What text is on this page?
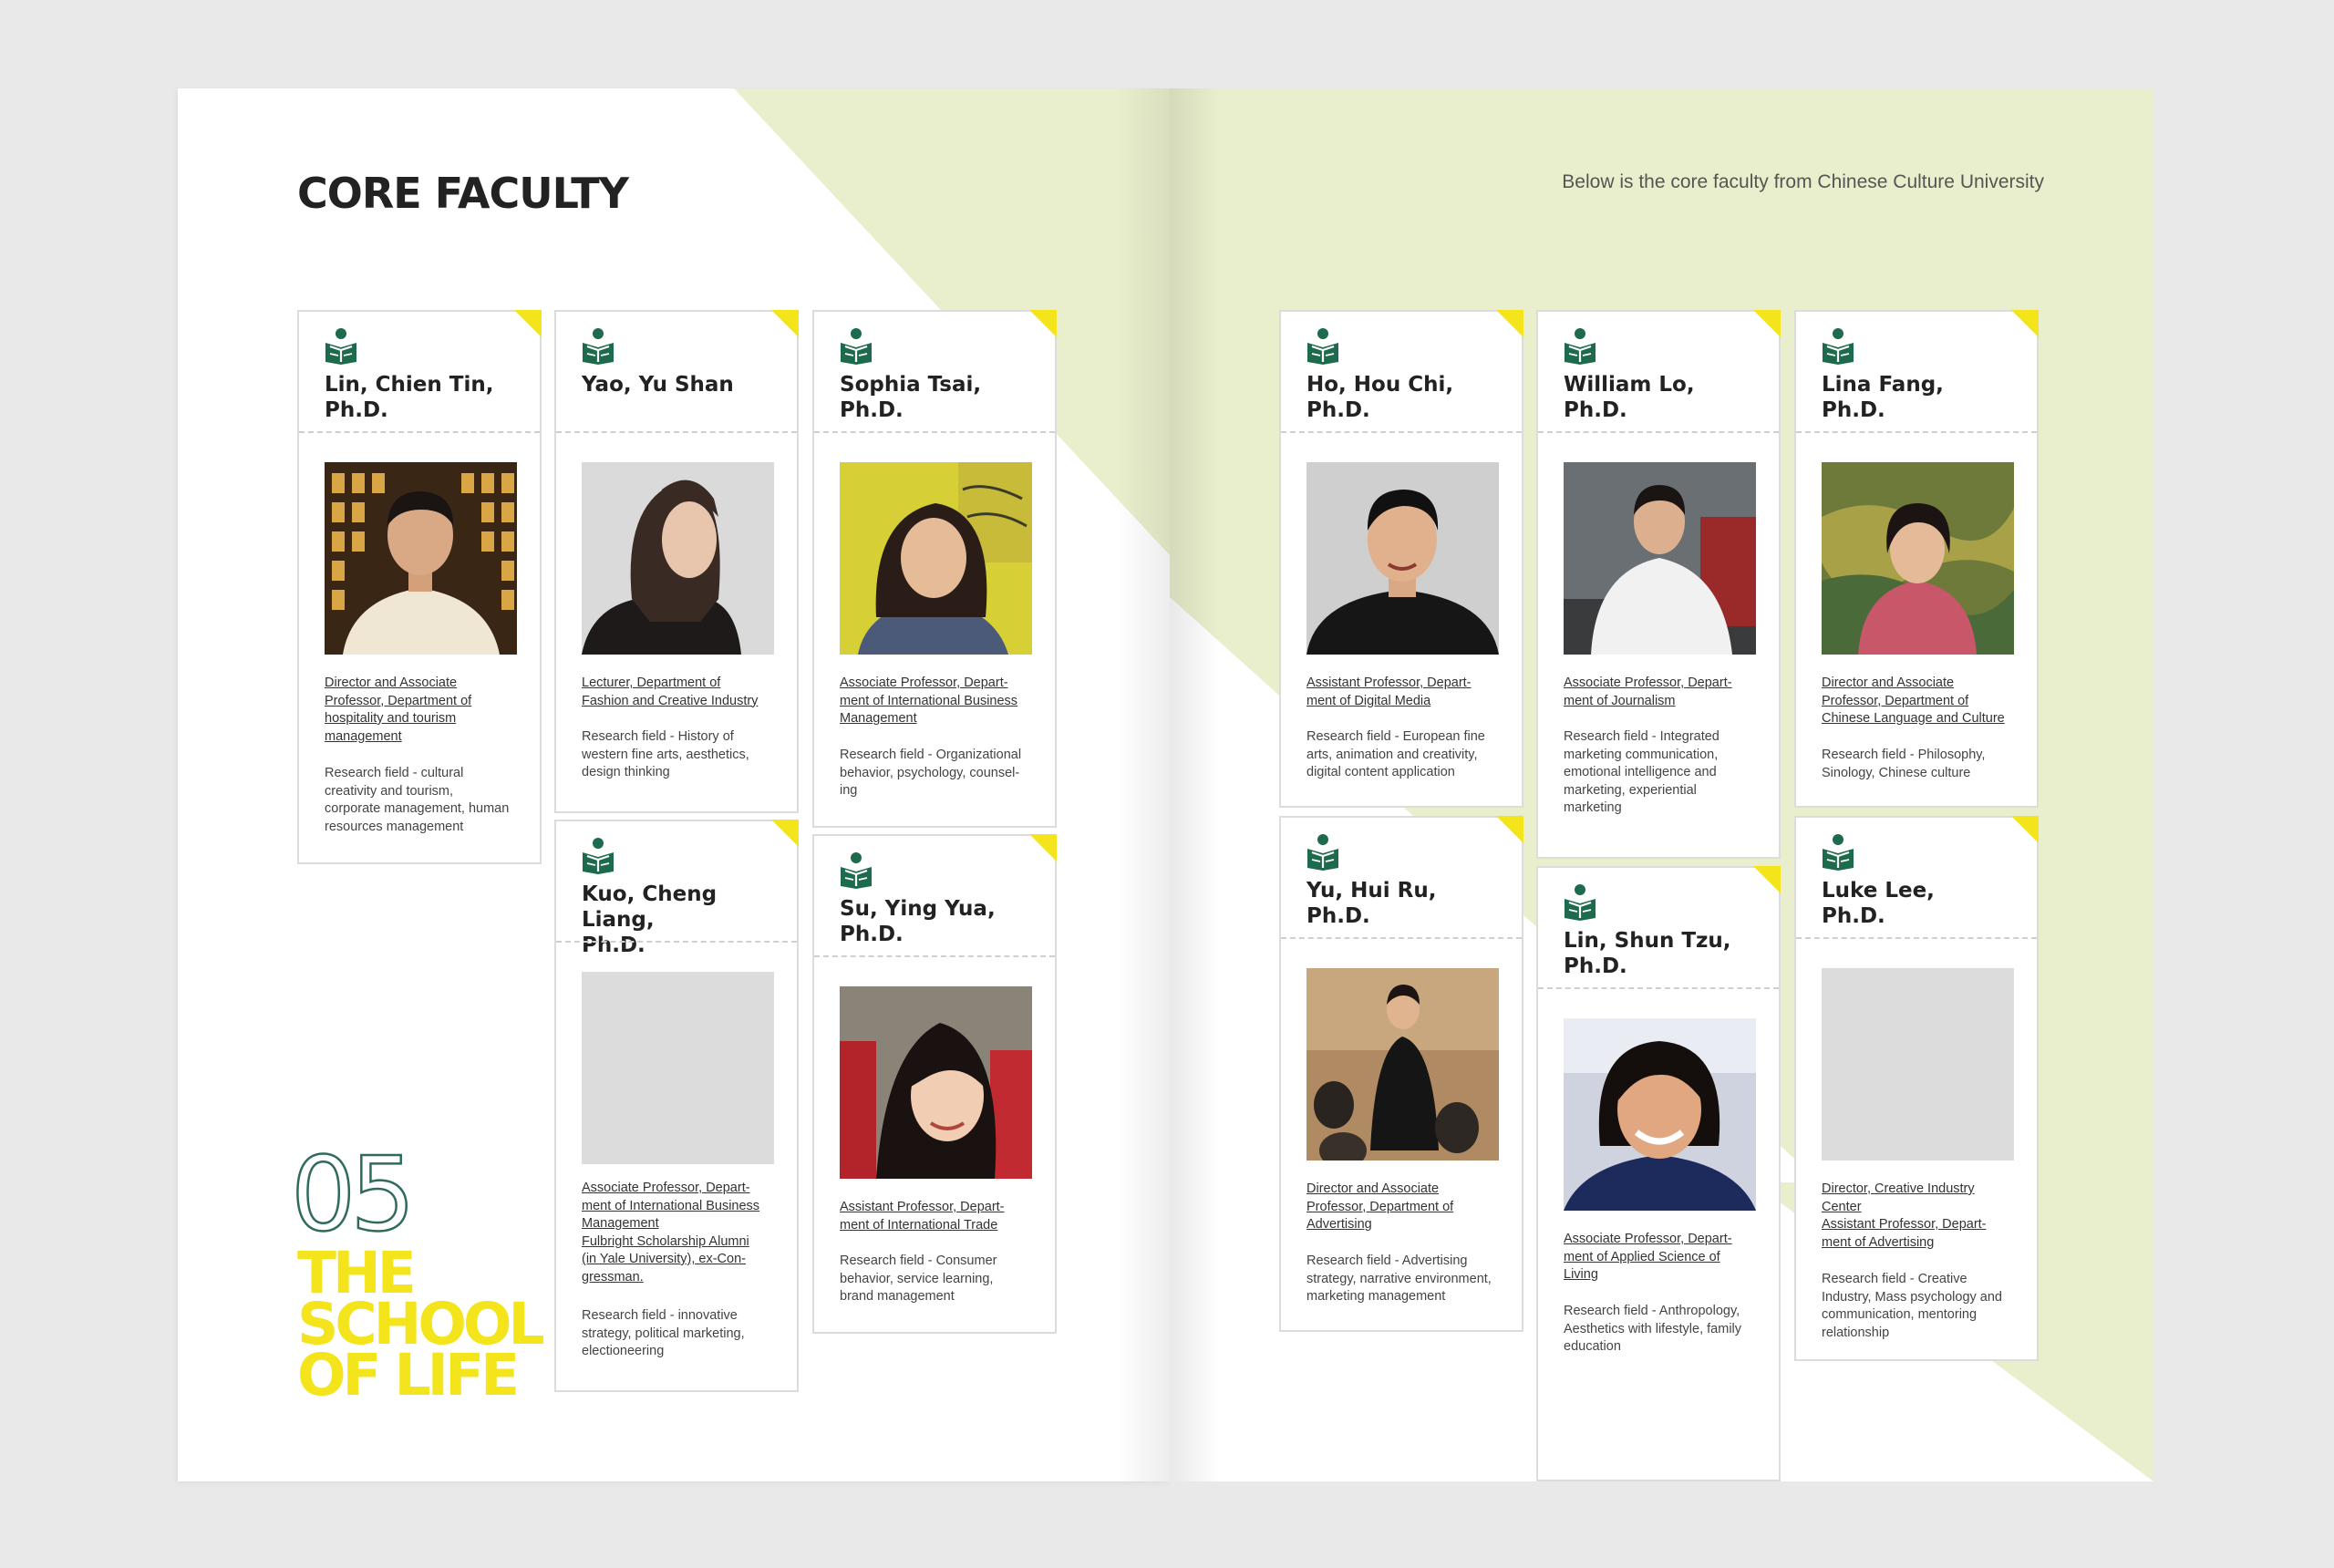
CORE FACULTY
Lin, Chien Tin,
Ph.D.
Director and Associate
Professor, Department of
hospitality and tourism
management
Research field - cultural
creativity and tourism,
corporate management, human
resources management
Yao, Yu Shan
Lecturer, Department of
Fashion and Creative Industry
Research field - History of
western fine arts, aesthetics,
design thinking
Sophia Tsai,
Ph.D.
Associate Professor, Depart-
ment of International Business
Management
Research field - Organizational
behavior, psychology, counsel-
ing
Kuo, Cheng Liang,
Ph.D.
Associate Professor, Depart-
ment of International Business
Management
Fulbright Scholarship Alumni
(in Yale University), ex-Con-
gressman.
Research field - innovative
strategy, political marketing,
electioneering
Su, Ying Yua,
Ph.D.
Assistant Professor, Depart-
ment of International Trade
Research field - Consumer
behavior, service learning,
brand management
05
THE
SCHOOL
OF LIFE
Below is the core faculty from Chinese Culture University
Ho, Hou Chi,
Ph.D.
Assistant Professor, Depart-
ment of Digital Media
Research field - European fine
arts, animation and creativity,
digital content application
William Lo,
Ph.D.
Associate Professor, Depart-
ment of Journalism
Research field - Integrated
marketing communication,
emotional intelligence and
marketing, experiential
marketing
Lina Fang,
Ph.D.
Director and Associate
Professor, Department of
Chinese Language and Culture
Research field - Philosophy,
Sinology, Chinese culture
Yu, Hui Ru,
Ph.D.
Director and Associate
Professor, Department of
Advertising
Research field - Advertising
strategy, narrative environment,
marketing management
Lin, Shun Tzu,
Ph.D.
Associate Professor, Depart-
ment of Applied Science of
Living
Research field - Anthropology,
Aesthetics with lifestyle, family
education
Luke Lee,
Ph.D.
Director, Creative Industry
Center
Assistant Professor, Depart-
ment of Advertising
Research field - Creative
Industry, Mass psychology and
communication, mentoring
relationship
